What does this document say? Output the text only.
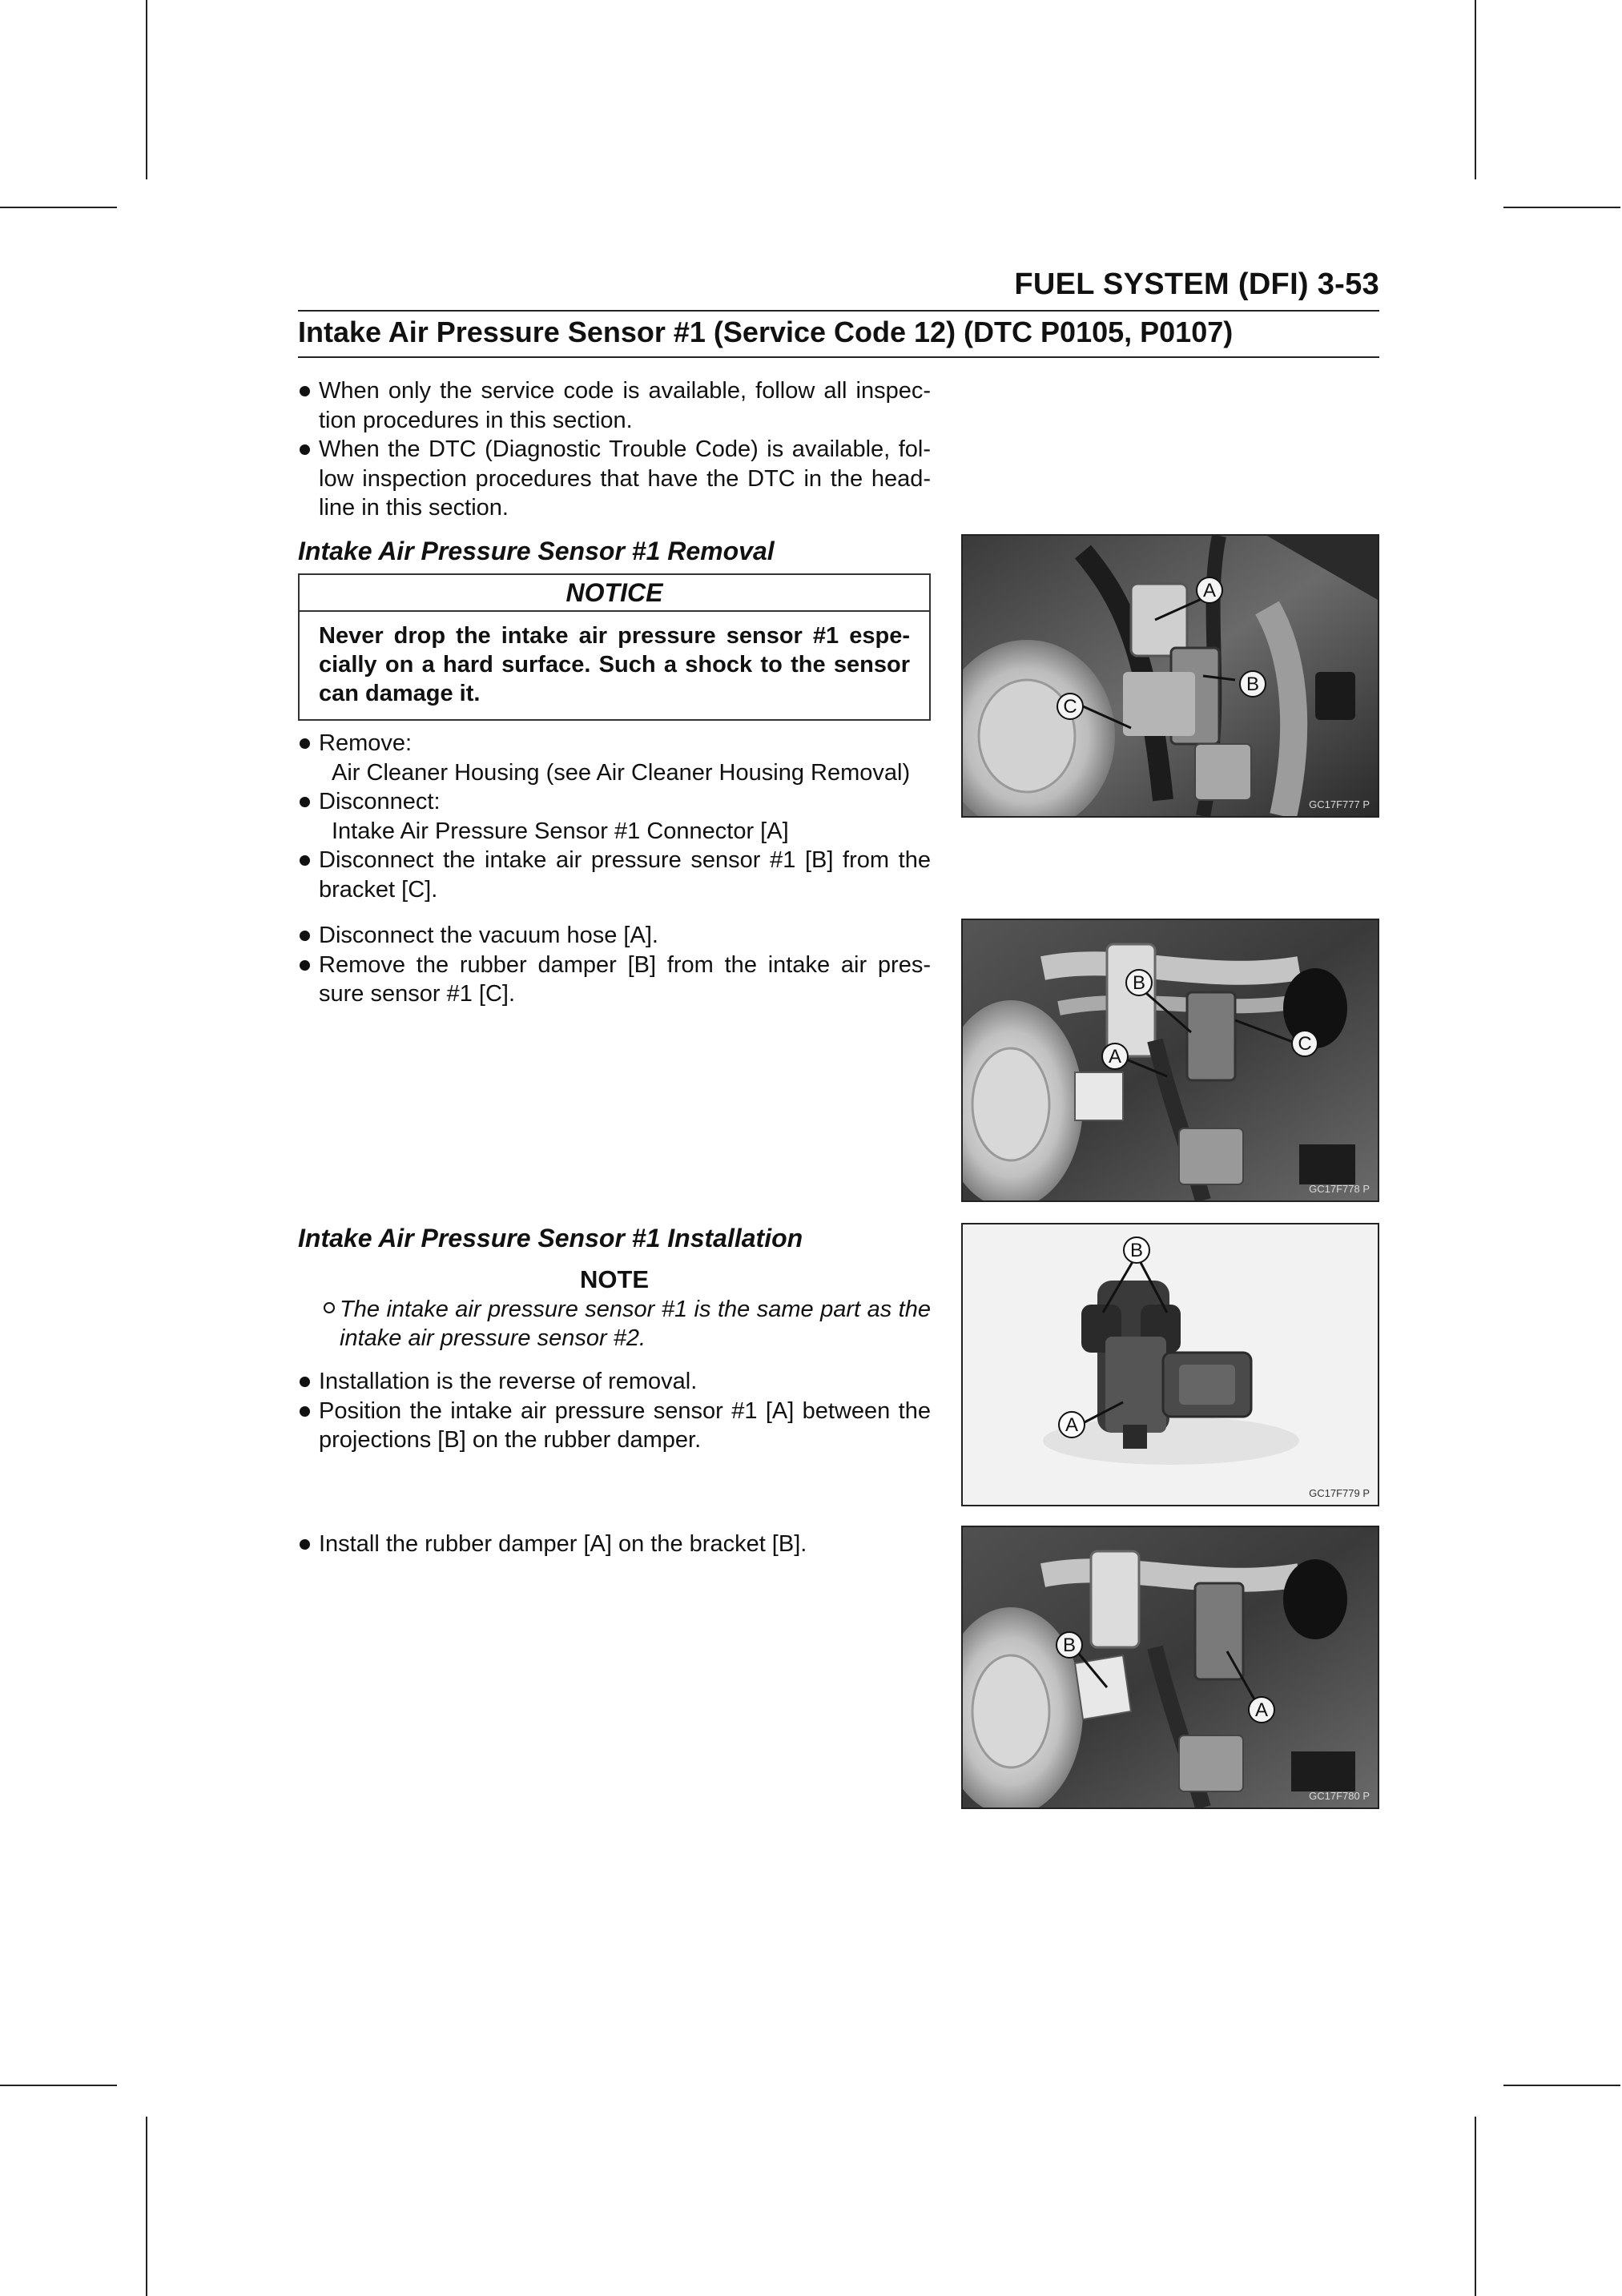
FUEL SYSTEM (DFI) 3-53
Intake Air Pressure Sensor #1 (Service Code 12) (DTC P0105, P0107)
When only the service code is available, follow all inspec- tion procedures in this section.
When the DTC (Diagnostic Trouble Code) is available, fol- low inspection procedures that have the DTC in the head- line in this section.
Intake Air Pressure Sensor #1 Removal
NOTICE
Never drop the intake air pressure sensor #1 espe- cially on a hard surface. Such a shock to the sensor can damage it.
Remove:
Air Cleaner Housing (see Air Cleaner Housing Removal)
Disconnect:
Intake Air Pressure Sensor #1 Connector [A]
Disconnect the intake air pressure sensor #1 [B] from the bracket [C].
Disconnect the vacuum hose [A].
Remove the rubber damper [B] from the intake air pres- sure sensor #1 [C].
Intake Air Pressure Sensor #1 Installation
NOTE
The intake air pressure sensor #1 is the same part as the intake air pressure sensor #2.
Installation is the reverse of removal.
Position the intake air pressure sensor #1 [A] between the projections [B] on the rubber damper.
Install the rubber damper [A] on the bracket [B].
A
B
C
GC17F777 P
B
A
C
GC17F778 P
B
A
GC17F779 P
B
A
GC17F780 P
